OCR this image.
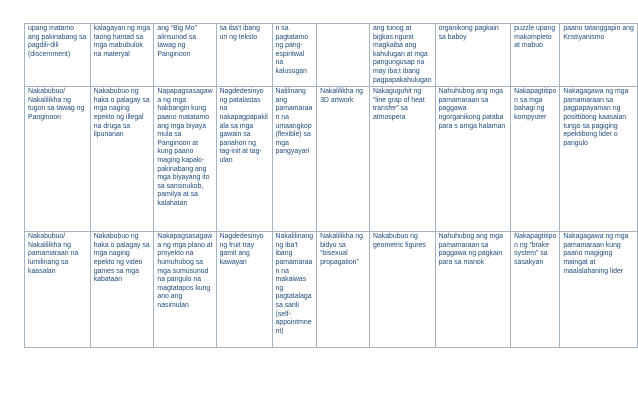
upang matamo ang pakinabang sa pagdili-dili (discernment)	kalagayan ng mga taong hantad sa mga mabubulok na materyal	ang “Big Mo” alinsunod sa tawag ng Panginoon	sa iba't ibang uri ng teksto	n sa pagtatamo ng pang-espiritwal na kalusugan		ang tunog at bigkas ngunit magkaiba ang kahulugan at mga pangungusap na may iba;t ibang pagpapakahulugan	organikong pagkain sa baboy	puzzle upang makompleto at mabuo	paano tatanggapin ang Kristiyanismo

Nakabubuo/ Nakalilikha ng tugon sa tawag ng Panginoon	Nakabubuo ng haka o palagay sa mga naging epekto ng illegal na druga sa lipunanan	Napapagsasagaw a ng mga hakbangin kung paano matatamo ang mga biyaya mula sa Panginoon at kung paano maging kapaki-pakinabang ang mga biyayang ito sa sansinukob, pamilya at sa kalahatan	Nagdedesinyo ng patalastas na nakapagpapakil ala sa mga gawain sa panahon ng tag-init at tag-ulan	Nalilinang ang pamamaraa n na umaangkop (flexible) sa mga pangyayari	Nakalilikha ng 3D artwork	Nakaguguhit ng “line grap of heat transfer” sa atmospera	Nahuhubog ang mga pamamaraan sa paggawa ngorganikong pataba para s amga halaman	Nakapagtitipo n sa mga bahagi ng kompyuter	Nakagagawa ng mga pamamaraan sa pagpapayaman ng posittibong kaasalan tungo sa pagiging epektibong lider o pangulo

Nakabubuo/ Nakalilikha ng pamamaraan na lumilinang sa kaasalan	Nakabubuo ng haka o palagay sa mga naging epekto ng video games sa mga kabataan	Nakapagsasagaw a ng mga plano at proyekto na humuhubog sa mga sumusunod na pangulo na magtatapos kung ano ang nasimulan	Nagdedesinyo ng fruit tray gamit ang kawayan	Nakalilinang ng iba't ibang pamamaraa n na makaiwas ng pagtatalaga sa sarili (self-appointmne nt)	Nakalilikha ng bidyu sa “bisexual propagation”	Nakabubuo ng geometric figures	Nahuhubog ang mga pamamaraan sa paggawa ng pagkain para sa manok	Nakapagtitipo n ng “brake system” sa sasakyan	Nakagagawa ng mga pamamaraan kung paano magiging maingat at maalalahaning lider
